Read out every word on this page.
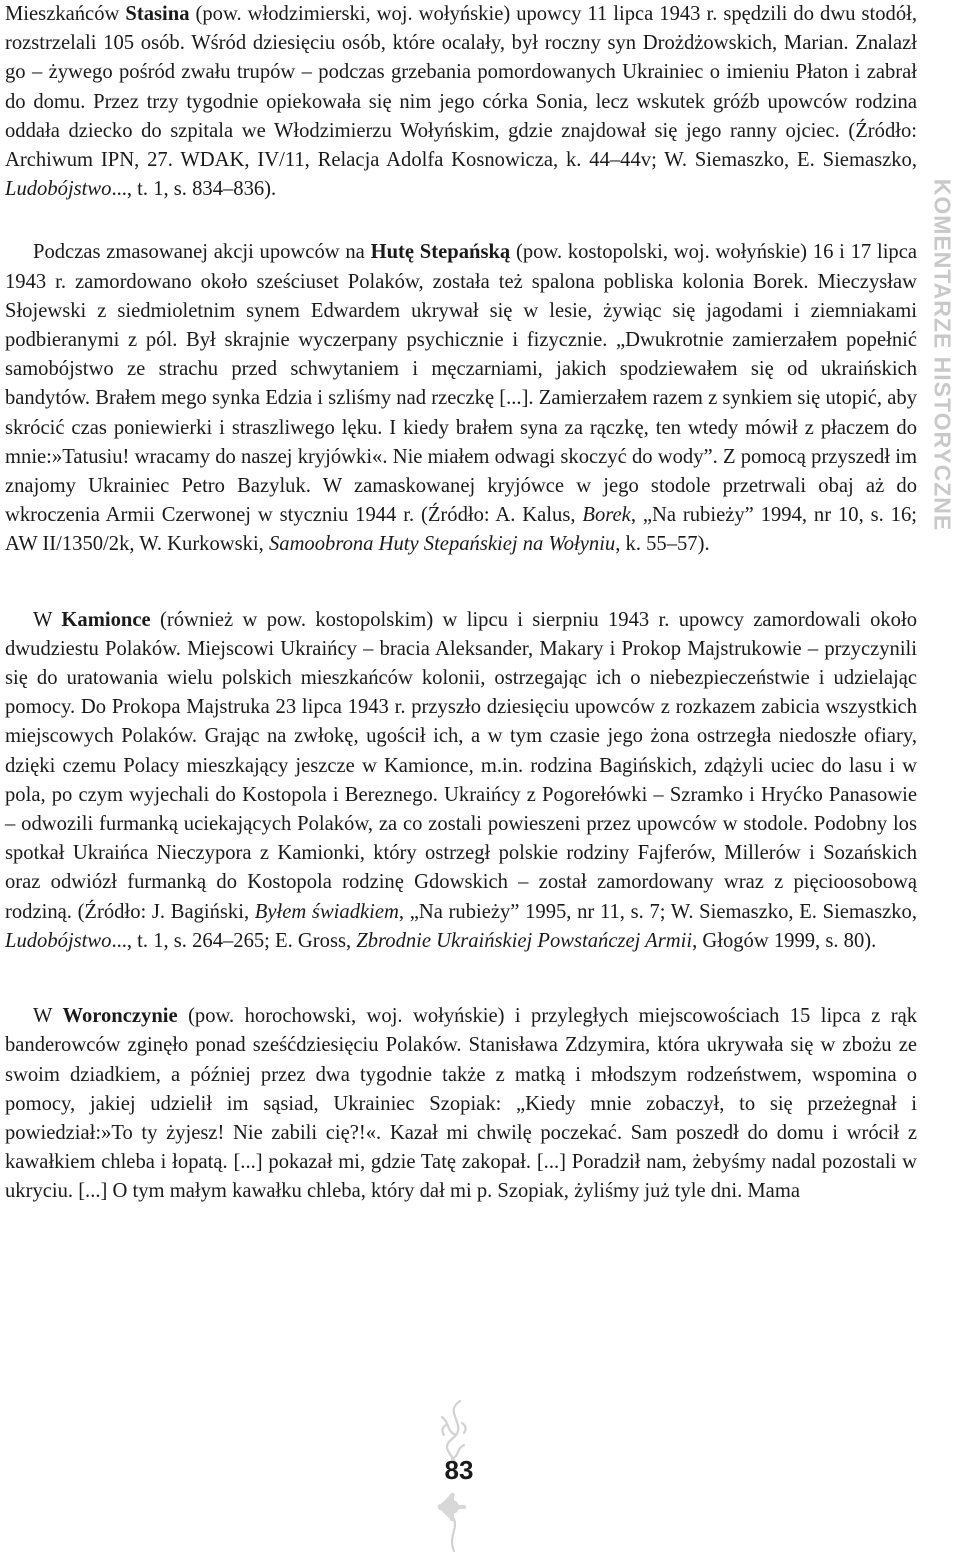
Mieszkańców Stasina (pow. włodzimierski, woj. wołyńskie) upowcy 11 lipca 1943 r. spędzili do dwu stodół, rozstrzelali 105 osób. Wśród dziesięciu osób, które ocalały, był roczny syn Drożdżowskich, Marian. Znalazł go – żywego pośród zwału trupów – podczas grzebania pomordowanych Ukrainiec o imieniu Płaton i zabrał do domu. Przez trzy tygodnie opiekowała się nim jego córka Sonia, lecz wskutek gróźb upowców rodzina oddała dziecko do szpitala we Włodzimierzu Wołyńskim, gdzie znajdował się jego ranny ojciec. (Źródło: Archiwum IPN, 27. WDAK, IV/11, Relacja Adolfa Kosnowicza, k. 44–44v; W. Siemaszko, E. Siemaszko, Ludobójstwo..., t. 1, s. 834–836).

Podczas zmasowanej akcji upowców na Hutę Stepańską (pow. kostopolski, woj. wołyńskie) 16 i 17 lipca 1943 r. zamordowano około sześciuset Polaków, została też spalona pobliska kolonia Borek. Mieczysław Słojewski z siedmioletnim synem Edwardem ukrywał się w lesie, żywiąc się jagodami i ziemniakami podbieranymi z pól. Był skrajnie wyczerpany psychicznie i fizycznie. „Dwukrotnie zamierzałem popełnić samobójstwo ze strachu przed schwytaniem i męczarniami, jakich spodziewałem się od ukraińskich bandytów. Brałem mego synka Edzia i szliśmy nad rzeczkę [...]. Zamierzałem razem z synkiem się utopić, aby skrócić czas poniewierki i straszliwego lęku. I kiedy brałem syna za rączkę, ten wtedy mówił z płaczem do mnie:»Tatusiu! wracamy do naszej kryjówki«. Nie miałem odwagi skoczyć do wody”. Z pomocą przyszedł im znajomy Ukrainiec Petro Bazyluk. W zamaskowanej kryjówce w jego stodole przetrwali obaj aż do wkroczenia Armii Czerwonej w styczniu 1944 r. (Źródło: A. Kalus, Borek, „Na rubieży” 1994, nr 10, s. 16; AW II/1350/2k, W. Kurkowski, Samoobrona Huty Stepańskiej na Wołyniu, k. 55–57).

W Kamionce (również w pow. kostopolskim) w lipcu i sierpniu 1943 r. upowcy zamordowali około dwudziestu Polaków. Miejscowi Ukraińcy – bracia Aleksander, Makary i Prokop Majstrukowie – przyczynili się do uratowania wielu polskich mieszkańców kolonii, ostrzegając ich o niebezpieczeństwie i udzielając pomocy. Do Prokopa Majstruka 23 lipca 1943 r. przyszło dziesięciu upowców z rozkazem zabicia wszystkich miejscowych Polaków. Grając na zwłokę, ugościł ich, a w tym czasie jego żona ostrzegła niedoszłe ofiary, dzięki czemu Polacy mieszkający jeszcze w Kamionce, m.in. rodzina Bagińskich, zdążyli uciec do lasu i w pola, po czym wyjechali do Kostopola i Bereznego. Ukraińcy z Pogorełówki – Szramko i Hryćko Panasowie – odwozili furmanką uciekających Polaków, za co zostali powieszeni przez upowców w stodole. Podobny los spotkał Ukraińca Nieczypora z Kamionki, który ostrzegł polskie rodziny Fajferów, Millerów i Sozańskich oraz odwiózł furmanką do Kostopola rodzinę Gdowskich – został zamordowany wraz z pięcioosobową rodziną. (Źródło: J. Bagiński, Byłem świadkiem, „Na rubieży” 1995, nr 11, s. 7; W. Siemaszko, E. Siemaszko, Ludobójstwo..., t. 1, s. 264–265; E. Gross, Zbrodnie Ukraińskiej Powstańczej Armii, Głogów 1999, s. 80).

W Woronczynie (pow. horochowski, woj. wołyńskie) i przyległych miejscowościach 15 lipca z rąk banderowców zginęło ponad sześćdziesięciu Polaków. Stanisława Zdzymira, która ukrywała się w zbożu ze swoim dziadkiem, a później przez dwa tygodnie także z matką i młodszym rodzeństwem, wspomina o pomocy, jakiej udzielił im sąsiad, Ukrainiec Szopiak: „Kiedy mnie zobaczył, to się przeżegnał i powiedział:»To ty żyjesz! Nie zabili cię?!«. Kazał mi chwilę poczekać. Sam poszedł do domu i wrócił z kawałkiem chleba i łopatą. [...] pokazał mi, gdzie Tatę zakopał. [...] Poradził nam, żebyśmy nadal pozostali w ukryciu. [...] O tym małym kawałku chleba, który dał mi p. Szopiak, żyliśmy już tyle dni. Mama

KOMENTARZE HISTORYCZNE
83
